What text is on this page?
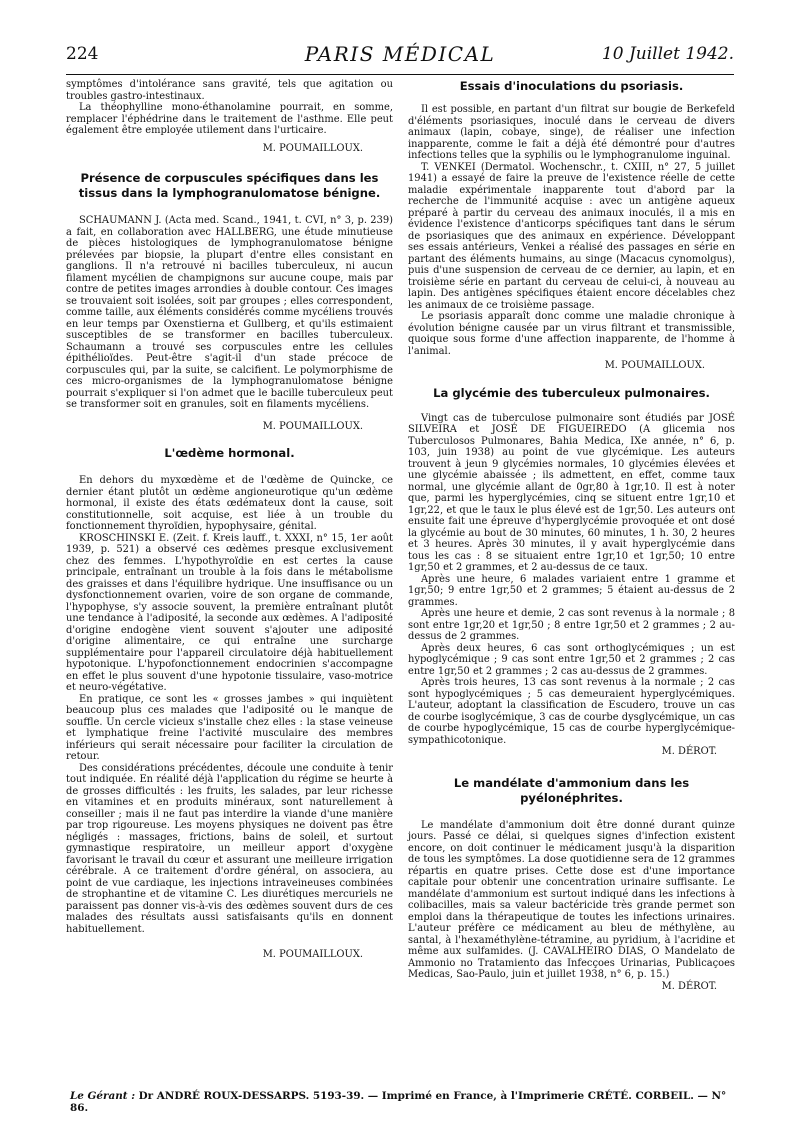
224	PARIS MÉDICAL	10 Juillet 1942.

symptômes d'intolérance sans gravité, tels que agitation ou troubles gastro-intestinaux.

La théophylline mono-éthanolamine pourrait, en somme, remplacer l'éphédrine dans le traitement de l'asthme. Elle peut également être employée utilement dans l'urticaire.

M. POUMAILLOUX.

Présence de corpuscules spécifiques dans les tissus dans la lymphogranulomatose bénigne.

SCHAUMANN J. (Acta med. Scand., 1941, t. CVI, n° 3, p. 239) a fait, en collaboration avec HALLBERG, une étude minutieuse de pièces histologiques de lymphogranulomatose bénigne prélevées par biopsie, la plupart d'entre elles consistant en ganglions. Il n'a retrouvé ni bacilles tuberculeux, ni aucun filament mycélien de champignons sur aucune coupe, mais par contre de petites images arrondies à double contour. Ces images se trouvaient soit isolées, soit par groupes ; elles correspondent, comme taille, aux éléments considérés comme mycéliens trouvés en leur temps par Oxenstierna et Gullberg, et qu'ils estimaient susceptibles de se transformer en bacilles tuberculeux. Schaumann a trouvé ses corpuscules entre les cellules épithélioïdes. Peut-être s'agit-il d'un stade précoce de corpuscules qui, par la suite, se calcifient. Le polymorphisme de ces micro-organismes de la lymphogranulomatose bénigne pourrait s'expliquer si l'on admet que le bacille tuberculeux peut se transformer soit en granules, soit en filaments mycéliens.

M. POUMAILLOUX.

L'œdème hormonal.

En dehors du myxœdème et de l'œdème de Quincke, ce dernier étant plutôt un œdème angioneurotique qu'un œdème hormonal, il existe des états œdémateux dont la cause, soit constitutionnelle, soit acquise, est liée à un trouble du fonctionnement thyroïdien, hypophysaire, génital.

KROSCHINSKI E. (Zeit. f. Kreis lauff., t. XXXI, n° 15, 1er août 1939, p. 521) a observé ces œdèmes presque exclusivement chez des femmes. L'hypothyroïdie en est certes la cause principale, entraînant un trouble à la fois dans le métabolisme des graisses et dans l'équilibre hydrique. Une insuffisance ou un dysfonctionnement ovarien, voire de son organe de commande, l'hypophyse, s'y associe souvent, la première entraînant plutôt une tendance à l'adiposité, la seconde aux œdèmes. A l'adiposité d'origine endogène vient souvent s'ajouter une adiposité d'origine alimentaire, ce qui entraîne une surcharge supplémentaire pour l'appareil circulatoire déjà habituellement hypotonique. L'hypofonctionnement endocrinien s'accompagne en effet le plus souvent d'une hypotonie tissulaire, vaso-motrice et neuro-végétative.

En pratique, ce sont les « grosses jambes » qui inquiètent beaucoup plus ces malades que l'adiposité ou le manque de souffle. Un cercle vicieux s'installe chez elles : la stase veineuse et lymphatique freine l'activité musculaire des membres inférieurs qui serait nécessaire pour faciliter la circulation de retour.

Des considérations précédentes, découle une conduite à tenir tout indiquée. En réalité déjà l'application du régime se heurte à de grosses difficultés : les fruits, les salades, par leur richesse en vitamines et en produits minéraux, sont naturellement à conseiller ; mais il ne faut pas interdire la viande d'une manière par trop rigoureuse. Les moyens physiques ne doivent pas être négligés : massages, frictions, bains de soleil, et surtout gymnastique respiratoire, un meilleur apport d'oxygène favorisant le travail du cœur et assurant une meilleure irrigation cérébrale. A ce traitement d'ordre général, on associera, au point de vue cardiaque, les injections intraveineuses combinées de strophantine et de vitamine C. Les diurétiques mercuriels ne paraissent pas donner vis-à-vis des œdèmes souvent durs de ces malades des résultats aussi satisfaisants qu'ils en donnent habituellement.

M. POUMAILLOUX.

Essais d'inoculations du psoriasis.

Il est possible, en partant d'un filtrat sur bougie de Berkefeld d'éléments psoriasiques, inoculé dans le cerveau de divers animaux (lapin, cobaye, singe), de réaliser une infection inapparente, comme le fait a déjà été démontré pour d'autres infections telles que la syphilis ou le lymphogranulome inguinal.

T. VENKEI (Dermatol. Wochenschr., t. CXIII, n° 27, 5 juillet 1941) a essayé de faire la preuve de l'existence réelle de cette maladie expérimentale inapparente tout d'abord par la recherche de l'immunité acquise : avec un antigène aqueux préparé à partir du cerveau des animaux inoculés, il a mis en évidence l'existence d'anticorps spécifiques tant dans le sérum de psoriasiques que des animaux en expérience. Développant ses essais antérieurs, Venkei a réalisé des passages en série en partant des éléments humains, au singe (Macacus cynomolgus), puis d'une suspension de cerveau de ce dernier, au lapin, et en troisième série en partant du cerveau de celui-ci, à nouveau au lapin. Des antigènes spécifiques étaient encore décelables chez les animaux de ce troisième passage.

Le psoriasis apparaît donc comme une maladie chronique à évolution bénigne causée par un virus filtrant et transmissible, quoique sous forme d'une affection inapparente, de l'homme à l'animal.

M. POUMAILLOUX.

La glycémie des tuberculeux pulmonaires.

Vingt cas de tuberculose pulmonaire sont étudiés par JOSÉ SILVEIRA et JOSÉ DE FIGUEIREDO (A glicemia nos Tuberculosos Pulmonares, Bahia Medica, IXe année, n° 6, p. 103, juin 1938) au point de vue glycémique. Les auteurs trouvent à jeun 9 glycémies normales, 10 glycémies élevées et une glycémie abaissée ; ils admettent, en effet, comme taux normal, une glycémie allant de 0gr,80 à 1gr,10. Il est à noter que, parmi les hyperglycémies, cinq se situent entre 1gr,10 et 1gr,22, et que le taux le plus élevé est de 1gr,50. Les auteurs ont ensuite fait une épreuve d'hyperglycémie provoquée et ont dosé la glycémie au bout de 30 minutes, 60 minutes, 1 h. 30, 2 heures et 3 heures. Après 30 minutes, il y avait hyperglycémie dans tous les cas : 8 se situaient entre 1gr,10 et 1gr,50; 10 entre 1gr,50 et 2 grammes, et 2 au-dessus de ce taux.

Après une heure, 6 malades variaient entre 1 gramme et 1gr,50; 9 entre 1gr,50 et 2 grammes; 5 étaient au-dessus de 2 grammes.

Après une heure et demie, 2 cas sont revenus à la normale ; 8 sont entre 1gr,20 et 1gr,50 ; 8 entre 1gr,50 et 2 grammes ; 2 au-dessus de 2 grammes.

Après deux heures, 6 cas sont orthoglycémiques ; un est hypoglycémique ; 9 cas sont entre 1gr,50 et 2 grammes ; 2 cas entre 1gr,50 et 2 grammes ; 2 cas au-dessus de 2 grammes.

Après trois heures, 13 cas sont revenus à la normale ; 2 cas sont hypoglycémiques ; 5 cas demeuraient hyperglycémiques. L'auteur, adoptant la classification de Escudero, trouve un cas de courbe isoglycémique, 3 cas de courbe dysglycémique, un cas de courbe hypoglycémique, 15 cas de courbe hyperglycémique-sympathicotonique.

M. DÉROT.

Le mandélate d'ammonium dans les pyélonéphrites.

Le mandélate d'ammonium doit être donné durant quinze jours. Passé ce délai, si quelques signes d'infection existent encore, on doit continuer le médicament jusqu'à la disparition de tous les symptômes. La dose quotidienne sera de 12 grammes répartis en quatre prises. Cette dose est d'une importance capitale pour obtenir une concentration urinaire suffisante. Le mandélate d'ammonium est surtout indiqué dans les infections à colibacilles, mais sa valeur bactéricide très grande permet son emploi dans la thérapeutique de toutes les infections urinaires. L'auteur préfère ce médicament au bleu de méthylène, au santal, à l'hexaméthylène-tétramine, au pyridium, à l'acridine et même aux sulfamides. (J. CAVALHEIRO DIAS, O Mandelato de Ammonio no Tratamiento das Infecçoes Urinarias, Publicaçoes Medicas, Sao-Paulo, juin et juillet 1938, n° 6, p. 15.)

M. DÉROT.

Le Gérant : Dr ANDRÉ ROUX-DESSARPS. 5193-39. — Imprimé en France, à l'Imprimerie CRÉTÉ. CORBEIL. — N° 86.
